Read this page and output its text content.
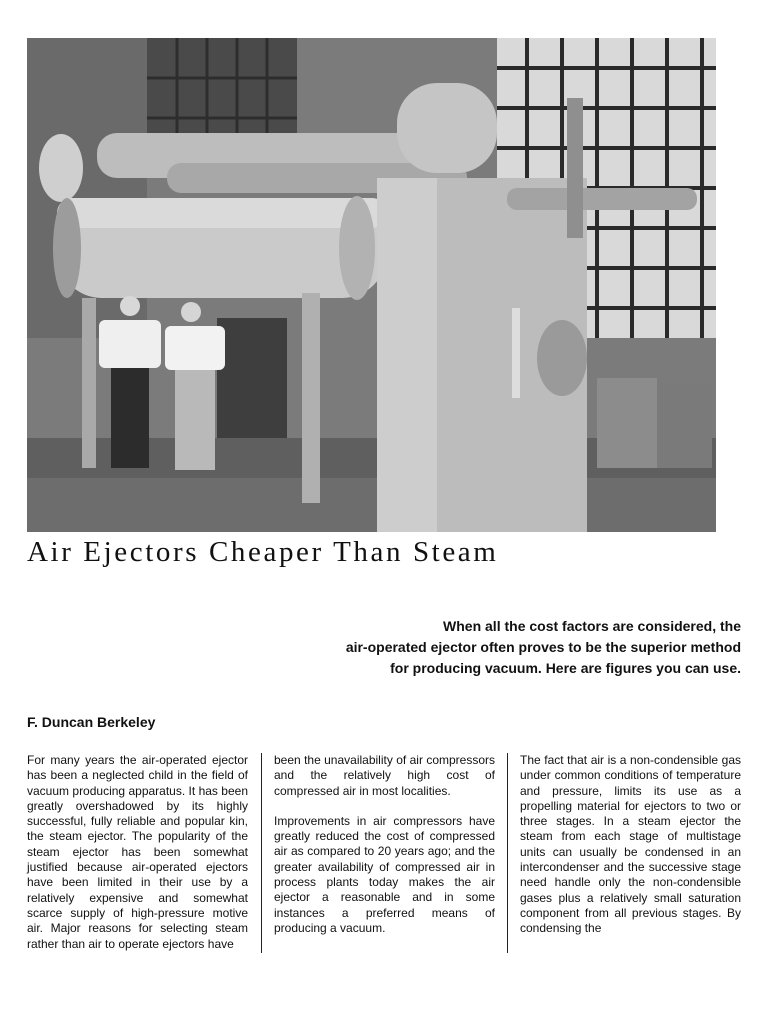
Air Ejectors Cheaper Than Steam
When all the cost factors are considered, the
air-operated ejector often proves to be the superior method
for producing vacuum. Here are figures you can use.
F. Duncan Berkeley

For many years the air-operated ejector has been a neglected child in the field of vacuum producing apparatus. It has been greatly overshadowed by its highly successful, fully reliable and popular kin, the steam ejector. The popularity of the steam ejector has been somewhat justified because air-operated ejectors have been limited in their use by a relatively expensive and somewhat scarce supply of high-pressure motive air. Major reasons for selecting steam rather than air to operate ejectors have

been the unavailability of air compressors and the relatively high cost of compressed air in most localities.

Improvements in air compressors have greatly reduced the cost of compressed air as compared to 20 years ago; and the greater availability of compressed air in process plants today makes the air ejector a reasonable and in some instances a preferred means of producing a vacuum.

The fact that air is a non-condensible gas under common conditions of temperature and pressure, limits its use as a propelling material for ejectors to two or three stages. In a steam ejector the steam from each stage of multistage units can usually be condensed in an intercondenser and the successive stage need handle only the non-condensible gases plus a relatively small saturation component from all previous stages. By condensing the
